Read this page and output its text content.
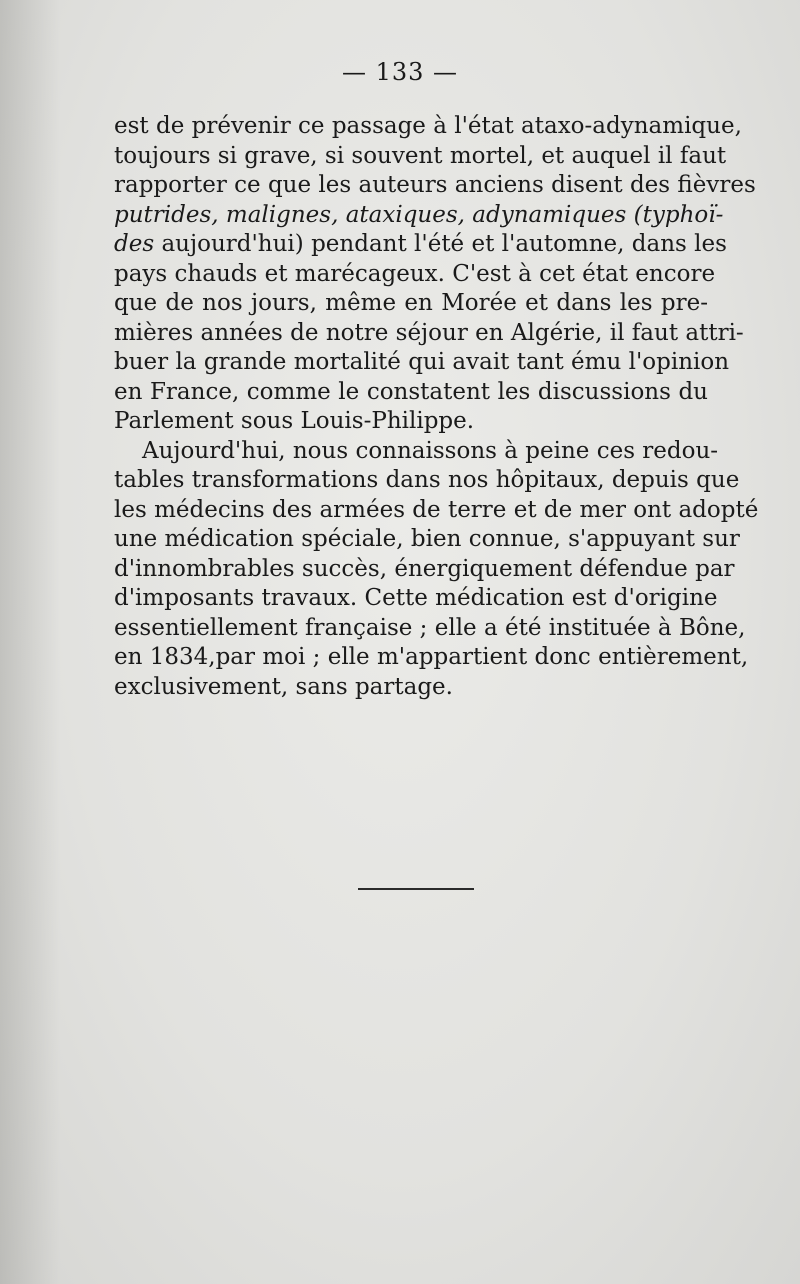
— 133 —
est de prévenir ce passage à l'état ataxo-adynamique,
toujours si grave, si souvent mortel, et auquel il faut
rapporter ce que les auteurs anciens disent des fièvres
putrides, malignes, ataxiques, adynamiques (typhoï-
des aujourd'hui) pendant l'été et l'automne, dans les
pays chauds et marécageux. C'est à cet état encore
que de nos jours, même en Morée et dans les pre-
mières années de notre séjour en Algérie, il faut attri-
buer la grande mortalité qui avait tant ému l'opinion
en France, comme le constatent les discussions du
Parlement sous Louis-Philippe.
Aujourd'hui, nous connaissons à peine ces redou-
tables transformations dans nos hôpitaux, depuis que
les médecins des armées de terre et de mer ont adopté
une médication spéciale, bien connue, s'appuyant sur
d'innombrables succès, énergiquement défendue par
d'imposants travaux. Cette médication est d'origine
essentiellement française ; elle a été instituée à Bône,
en 1834,par moi ; elle m'appartient donc entièrement,
exclusivement, sans partage.
